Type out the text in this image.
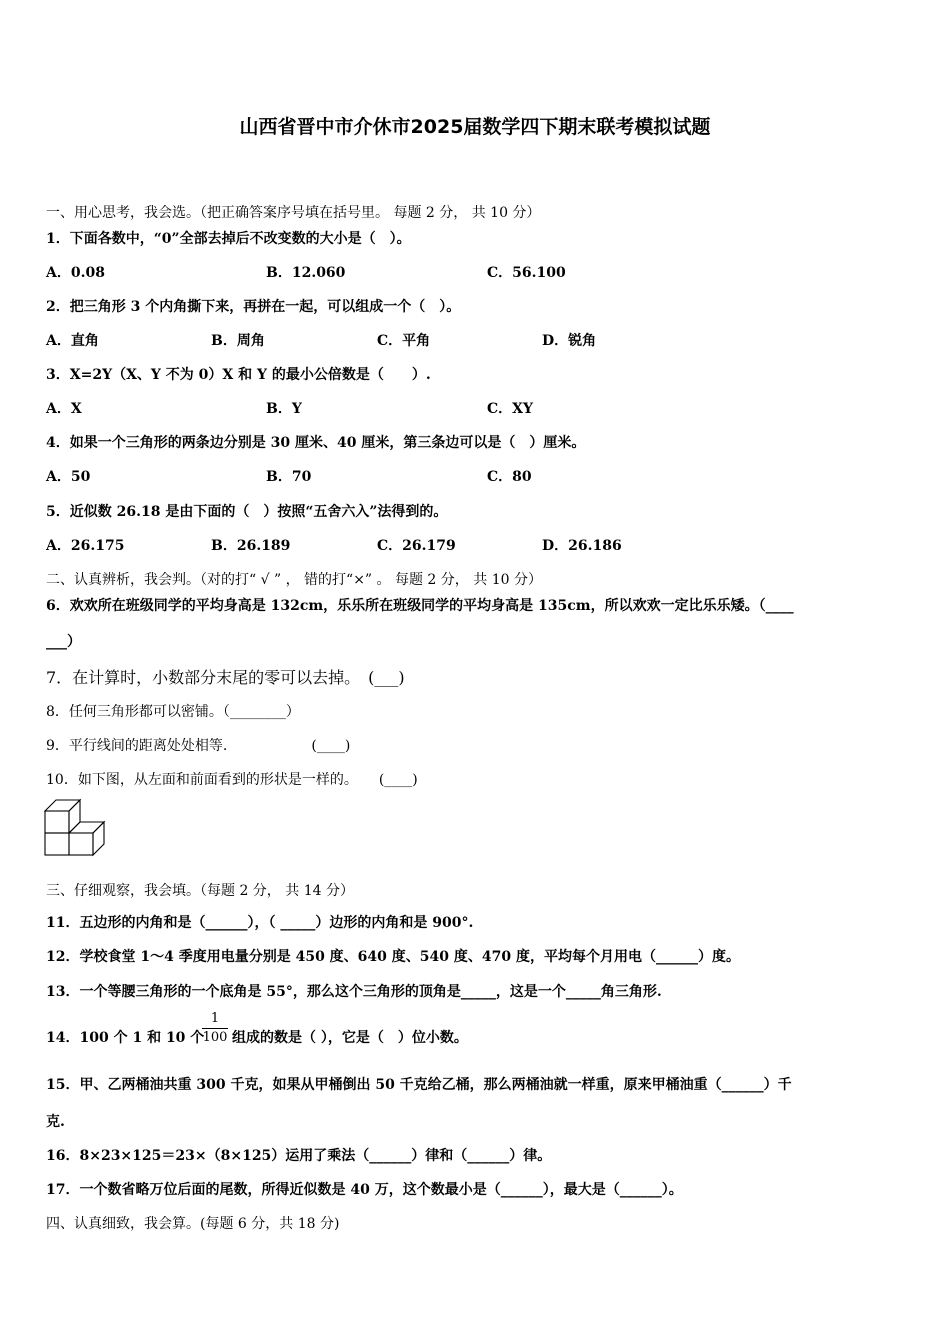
山西省晋中市介休市2025届数学四下期末联考模拟试题
一、用心思考，我会选。（把正确答案序号填在括号里。 每题 2 分， 共 10 分）
1．下面各数中，“0”全部去掉后不改变数的大小是（　）。
A．0.08	B．12.060	C．56.100
2．把三角形 3 个内角撕下来，再拼在一起，可以组成一个（　）。
A．直角	B．周角	C．平角	D．锐角
3．X=2Y（X、Y 不为 0）X 和 Y 的最小公倍数是（　　）.
A．X	B．Y	C．XY
4．如果一个三角形的两条边分别是 30 厘米、40 厘米，第三条边可以是（　）厘米。
A．50	B．70	C．80
5．近似数 26.18 是由下面的（　）按照“五舍六入”法得到的。
A．26.175	B．26.189	C．26.179	D．26.186
二、认真辨析，我会判。（对的打“ √ ” ， 错的打“×” 。 每题 2 分， 共 10 分）
6．欢欢所在班级同学的平均身高是 132cm，乐乐所在班级同学的平均身高是 135cm，所以欢欢一定比乐乐矮。（____
___）
7．在计算时，小数部分末尾的零可以去掉。　(___)
8．任何三角形都可以密铺。（________）
9．平行线间的距离处处相等.　　　　　　(____)
10．如下图，从左面和前面看到的形状是一样的。　　(____)
三、仔细观察，我会填。（每题 2 分， 共 14 分）
11．五边形的内角和是（______），（ _____）边形的内角和是 900°.
12．学校食堂 1～4 季度用电量分别是 450 度、640 度、540 度、470 度，平均每个月用电（______）度。
13．一个等腰三角形的一个底角是 55°，那么这个三角形的顶角是_____，这是一个_____角三角形.
14．100 个 1 和 10 个
1
100 组成的数是（ ），它是（　）位小数。
15．甲、乙两桶油共重 300 千克，如果从甲桶倒出 50 千克给乙桶，那么两桶油就一样重，原来甲桶油重（______）千
克.
16．8×23×125＝23×（8×125）运用了乘法（______）律和（______）律。
17．一个数省略万位后面的尾数，所得近似数是 40 万，这个数最小是（______），最大是（______）。
四、认真细致，我会算。(每题 6 分，共 18 分)
